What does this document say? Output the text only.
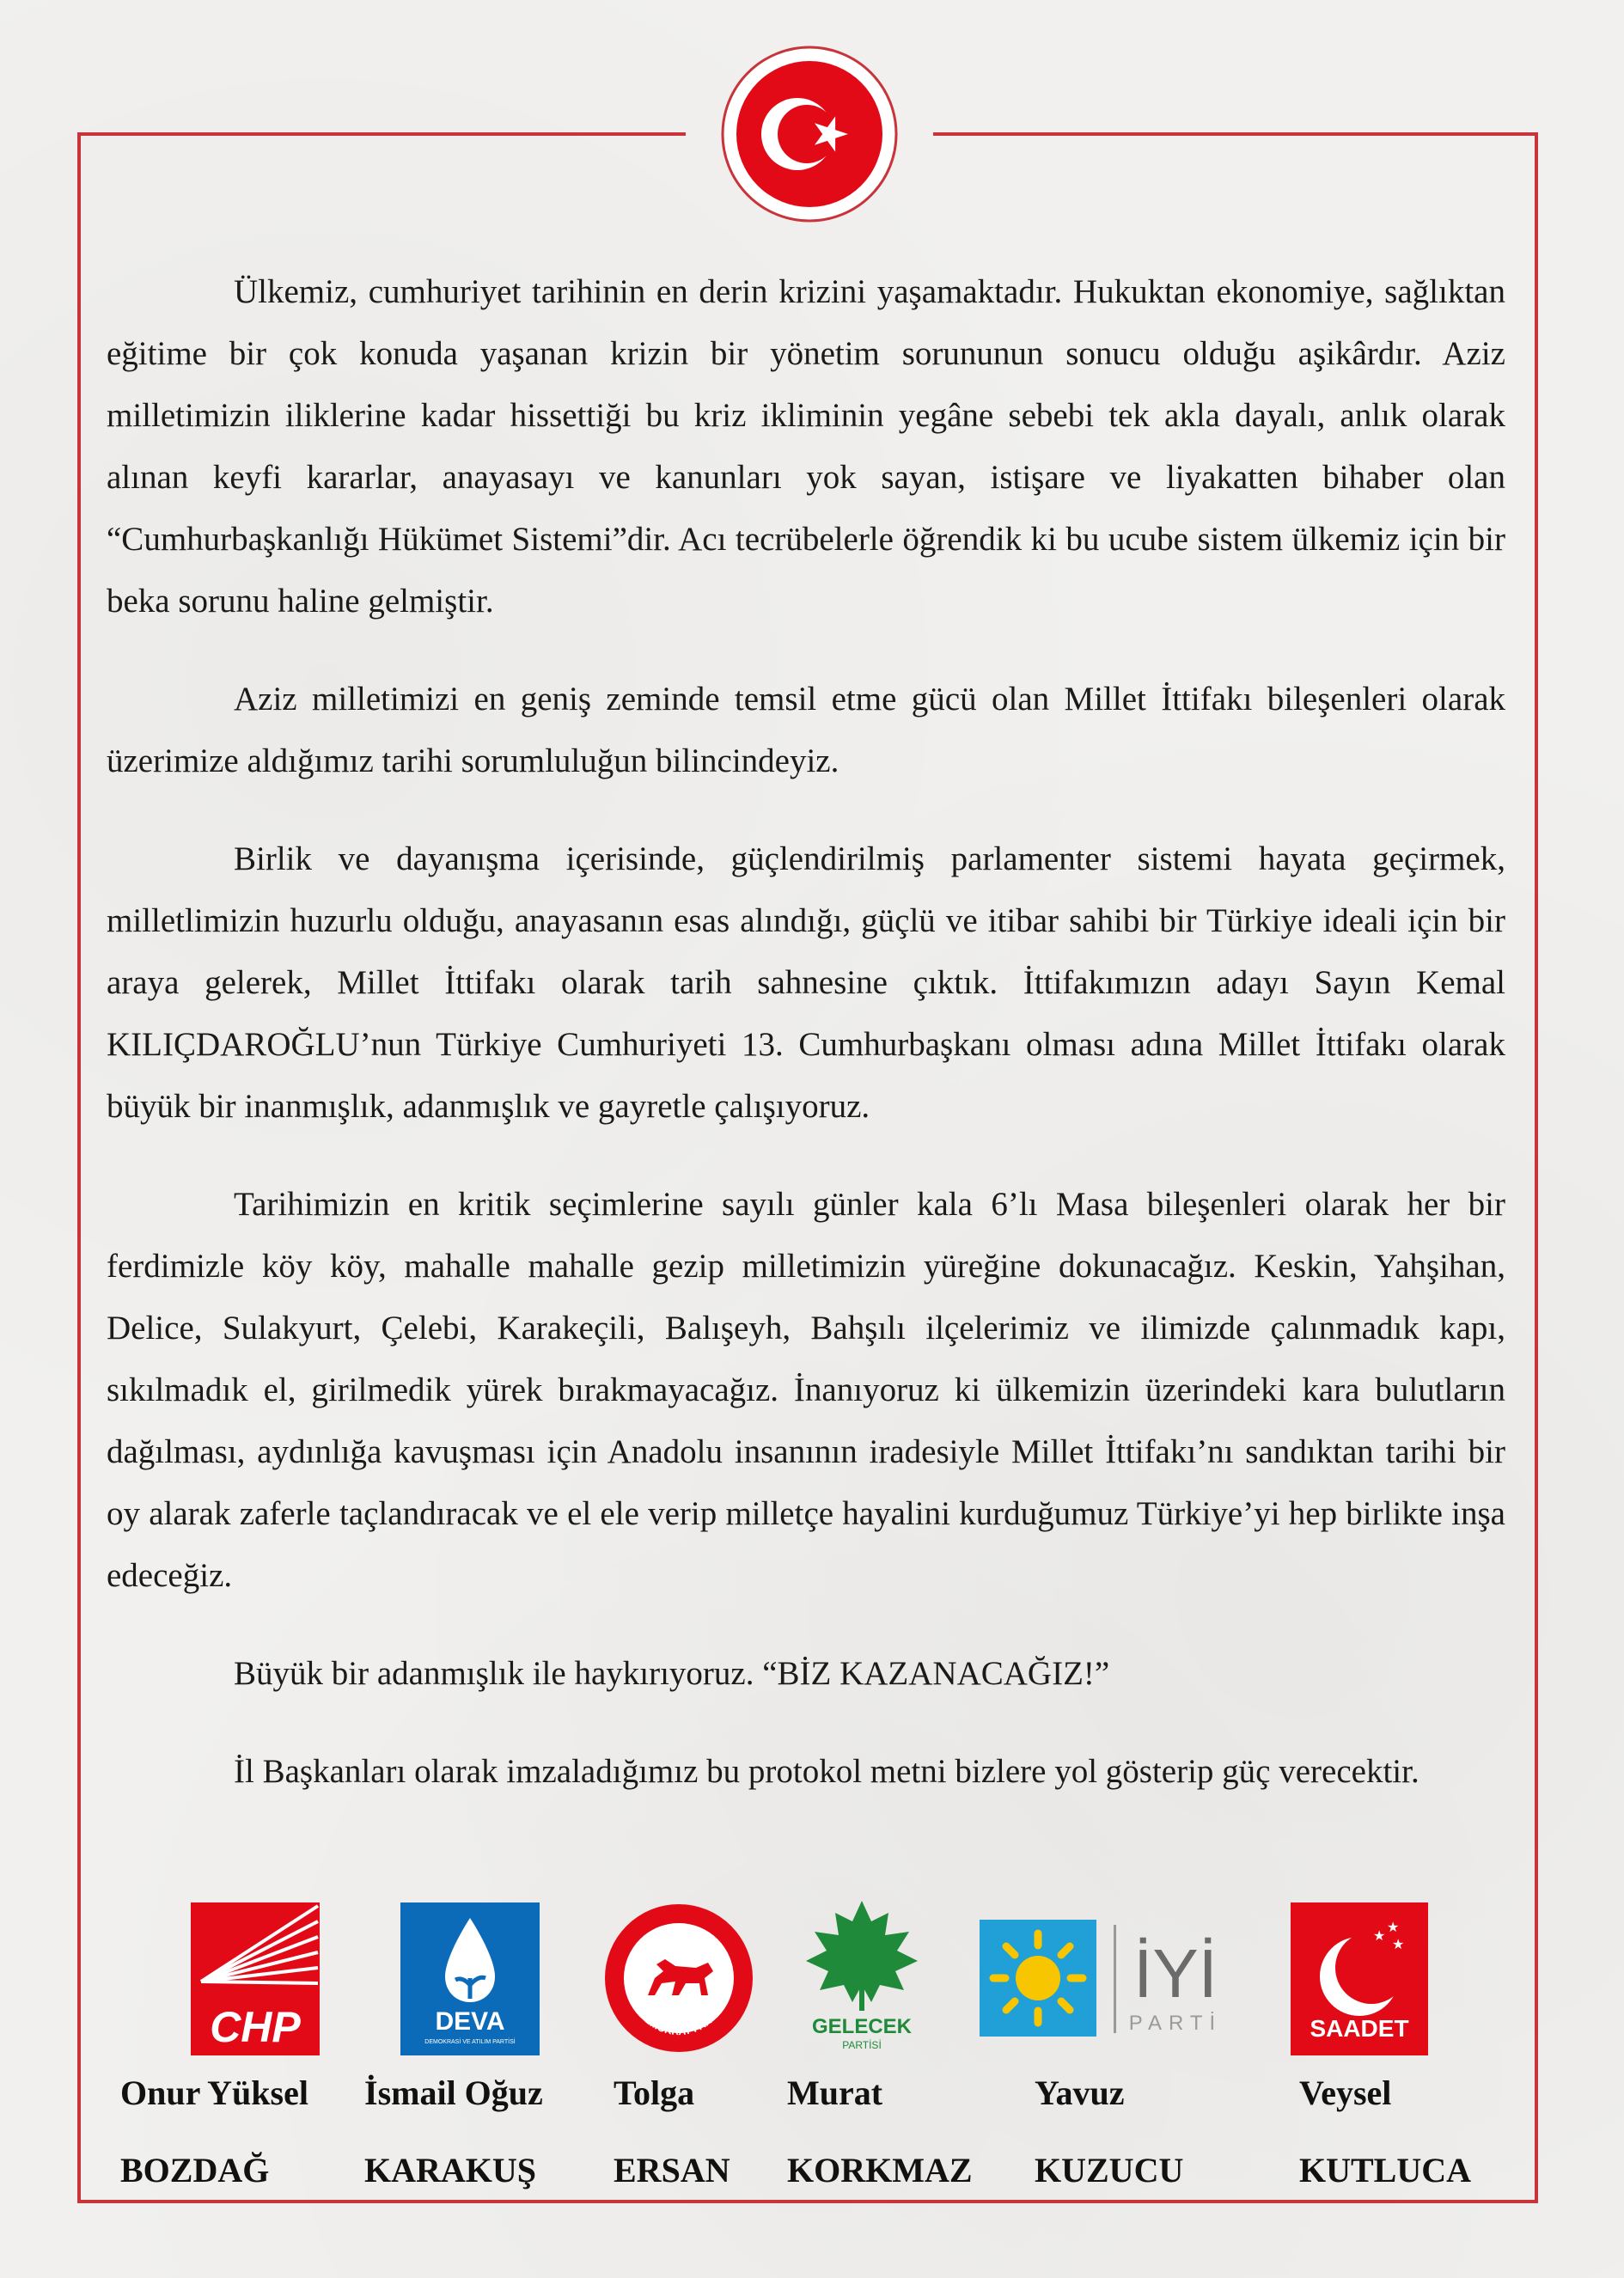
Ülkemiz, cumhuriyet tarihinin en derin krizini yaşamaktadır. Hukuktan ekonomiye, sağlıktan eğitime bir çok konuda yaşanan krizin bir yönetim sorununun sonucu olduğu aşikârdır. Aziz milletimizin iliklerine kadar hissettiği bu kriz ikliminin yegâne sebebi tek akla dayalı, anlık olarak alınan keyfi kararlar, anayasayı ve kanunları yok sayan, istişare ve liyakatten bihaber olan “Cumhurbaşkanlığı Hükümet Sistemi”dir. Acı tecrübelerle öğrendik ki bu ucube sistem ülkemiz için bir beka sorunu haline gelmiştir.

Aziz milletimizi en geniş zeminde temsil etme gücü olan Millet İttifakı bileşenleri olarak üzerimize aldığımız tarihi sorumluluğun bilincindeyiz.

Birlik ve dayanışma içerisinde, güçlendirilmiş parlamenter sistemi hayata geçirmek, milletlimizin huzurlu olduğu, anayasanın esas alındığı, güçlü ve itibar sahibi bir Türkiye ideali için bir araya gelerek, Millet İttifakı olarak tarih sahnesine çıktık. İttifakımızın adayı Sayın Kemal KILIÇDAROĞLU’nun Türkiye Cumhuriyeti 13. Cumhurbaşkanı olması adına Millet İttifakı olarak büyük bir inanmışlık, adanmışlık ve gayretle çalışıyoruz.

Tarihimizin en kritik seçimlerine sayılı günler kala 6’lı Masa bileşenleri olarak her bir ferdimizle köy köy, mahalle mahalle gezip milletimizin yüreğine dokunacağız. Keskin, Yahşihan, Delice, Sulakyurt, Çelebi, Karakeçili, Balışeyh, Bahşılı ilçelerimiz ve ilimizde çalınmadık kapı, sıkılmadık el, girilmedik yürek bırakmayacağız. İnanıyoruz ki ülkemizin üzerindeki kara bulutların dağılması, aydınlığa kavuşması için Anadolu insanının iradesiyle Millet İttifakı’nı sandıktan tarihi bir oy alarak zaferle taçlandıracak ve el ele verip milletçe hayalini kurduğumuz Türkiye’yi hep birlikte inşa edeceğiz.

Büyük bir adanmışlık ile haykırıyoruz. “BİZ KAZANACAĞIZ!”

İl Başkanları olarak imzaladığımız bu protokol metni bizlere yol gösterip güç verecektir.

CHP	DEVA
DEMOKRASİ VE ATILIM PARTİSİ
DP
DEMOKRAT PARTİ
GELECEK
PARTİSİ
İYİ
PARTİ
★
★
★
SAADET
Onur Yüksel
BOZDAĞ
İsmail Oğuz
KARAKUŞ
Tolga
ERSAN
Murat
KORKMAZ
Yavuz
KUZUCU
Veysel
KUTLUCA
